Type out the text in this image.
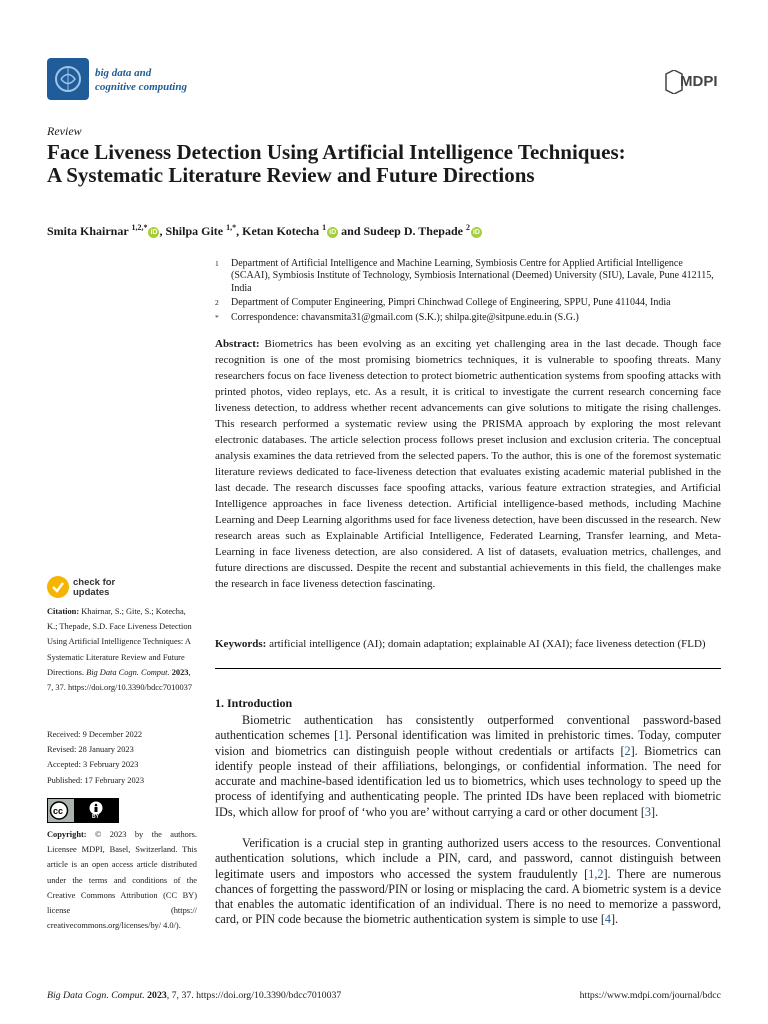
big data and
cognitive computing	MDPI
Review
Face Liveness Detection Using Artificial Intelligence Techniques: A Systematic Literature Review and Future Directions
Smita Khairnar $^{1,2,*}$iD , Shilpa Gite $^{1,*}$, Ketan Kotecha $^1$iD and Sudeep D. Thepade $^2$iD
1 Department of Artificial Intelligence and Machine Learning, Symbiosis Centre for Applied Artificial Intelligence (SCAAI), Symbiosis Institute of Technology, Symbiosis International (Deemed) University (SIU), Lavale, Pune 412115, India
2 Department of Computer Engineering, Pimpri Chinchwad College of Engineering, SPPU, Pune 411044, India
* Correspondence: chavansmita31@gmail.com (S.K.); shilpa.gite@sitpune.edu.in (S.G.)
Abstract: Biometrics has been evolving as an exciting yet challenging area in the last decade. Though face recognition is one of the most promising biometrics techniques, it is vulnerable to spoofing threats. Many researchers focus on face liveness detection to protect biometric authentication systems from spoofing attacks with printed photos, video replays, etc. As a result, it is critical to investigate the current research concerning face liveness detection, to address whether recent advancements can give solutions to mitigate the rising challenges. This research performed a systematic review using the PRISMA approach by exploring the most relevant electronic databases. The article selection process follows preset inclusion and exclusion criteria. The conceptual analysis examines the data retrieved from the selected papers. To the author, this is one of the foremost systematic literature reviews dedicated to face-liveness detection that evaluates existing academic material published in the last decade. The research discusses face spoofing attacks, various feature extraction strategies, and Artificial Intelligence approaches in face liveness detection. Artificial intelligence-based methods, including Machine Learning and Deep Learning algorithms used for face liveness detection, have been discussed in the research. New research areas such as Explainable Artificial Intelligence, Federated Learning, Transfer learning, and Meta-Learning in face liveness detection, are also considered. A list of datasets, evaluation metrics, challenges, and future directions are discussed. Despite the recent and substantial achievements in this field, the challenges make the research in face liveness detection fascinating.
Keywords: artificial intelligence (AI); domain adaptation; explainable AI (XAI); face liveness detection (FLD)
1. Introduction
Biometric authentication has consistently outperformed conventional password-based authentication schemes [1]. Personal identification was limited in prehistoric times. Today, computer vision and biometrics can distinguish people without credentials or artifacts [2]. Biometrics can identify people instead of their affiliations, belongings, or confidential information. The need for accurate and machine-based identification led us to biometrics, which uses technology to speed up the process of identifying and authenticating people. The printed IDs have been replaced with biometric IDs, which allow for proof of ‘who you are’ without carrying a card or other document [3].
Verification is a crucial step in granting authorized users access to the resources. Conventional authentication solutions, which include a PIN, card, and password, cannot distinguish between legitimate users and impostors who accessed the system fraudulently [1,2]. There are numerous chances of forgetting the password/PIN or losing or misplacing the card. A biometric system is a device that enables the automatic identification of an individual. There is no need to memorize a password, card, or PIN code because the biometric authentication system is simple to use [4].
check for
updates
Citation: Khairnar, S.; Gite, S.; Kotecha, K.; Thepade, S.D. Face Liveness Detection Using Artificial Intelligence Techniques: A Systematic Literature Review and Future Directions. Big Data Cogn. Comput. 2023, 7, 37. https://doi.org/10.3390/bdcc7010037
Received: 9 December 2022
Revised: 28 January 2023
Accepted: 3 February 2023
Published: 17 February 2023
cc
BY
Copyright: © 2023 by the authors. Licensee MDPI, Basel, Switzerland. This article is an open access article distributed under the terms and conditions of the Creative Commons Attribution (CC BY) license (https:// creativecommons.org/licenses/by/ 4.0/).
Big Data Cogn. Comput. 2023, 7, 37. https://doi.org/10.3390/bdcc7010037	https://www.mdpi.com/journal/bdcc
